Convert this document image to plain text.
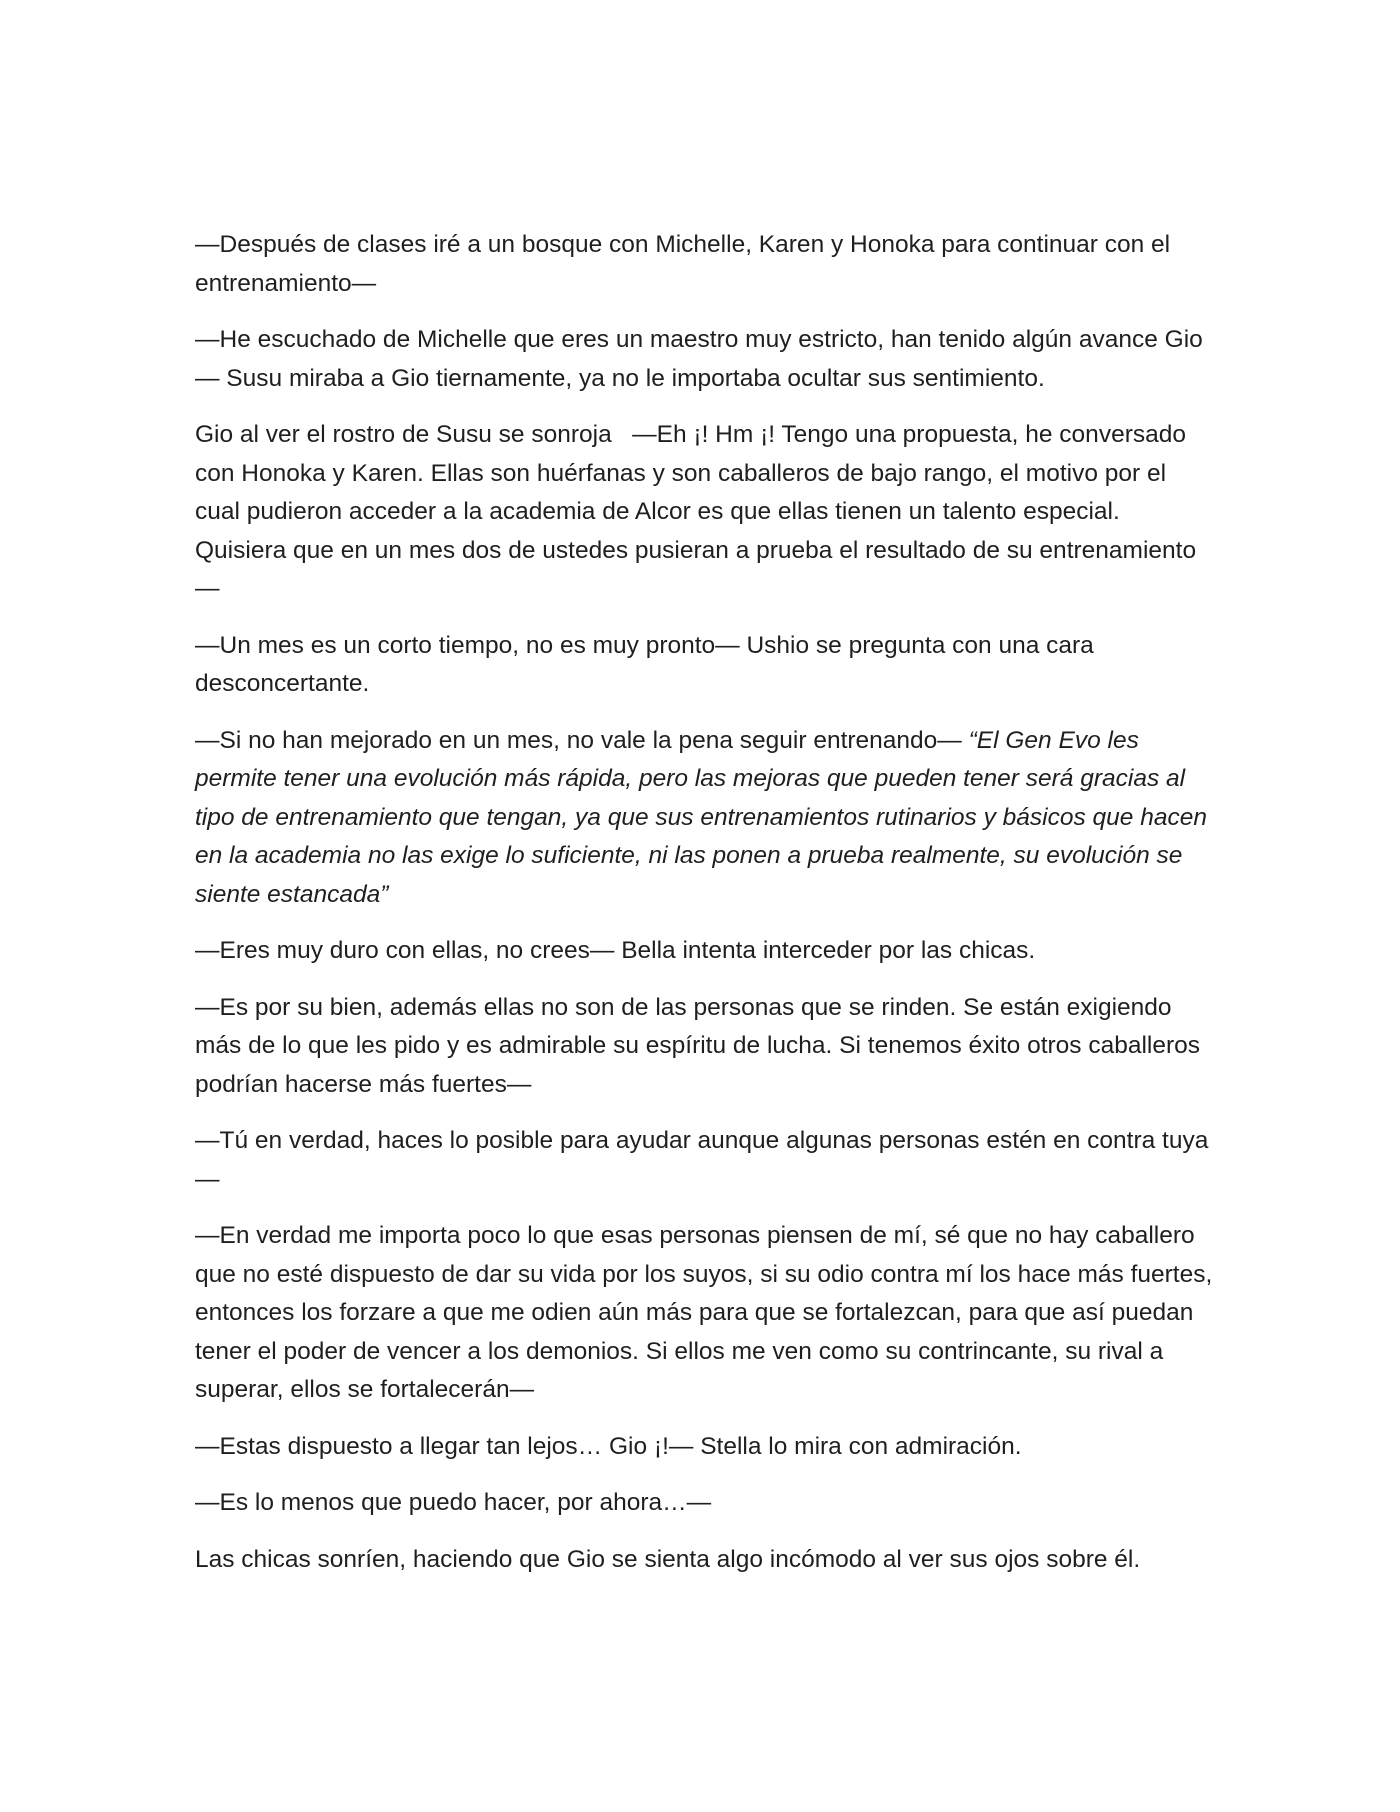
—Después de clases iré a un bosque con Michelle, Karen y Honoka para continuar con el entrenamiento—

—He escuchado de Michelle que eres un maestro muy estricto, han tenido algún avance Gio— Susu miraba a Gio tiernamente, ya no le importaba ocultar sus sentimiento.

Gio al ver el rostro de Susu se sonroja —Eh ¡! Hm ¡! Tengo una propuesta, he conversado con Honoka y Karen. Ellas son huérfanas y son caballeros de bajo rango, el motivo por el cual pudieron acceder a la academia de Alcor es que ellas tienen un talento especial. Quisiera que en un mes dos de ustedes pusieran a prueba el resultado de su entrenamiento—

—Un mes es un corto tiempo, no es muy pronto— Ushio se pregunta con una cara desconcertante.

—Si no han mejorado en un mes, no vale la pena seguir entrenando— “El Gen Evo les permite tener una evolución más rápida, pero las mejoras que pueden tener será gracias al tipo de entrenamiento que tengan, ya que sus entrenamientos rutinarios y básicos que hacen en la academia no las exige lo suficiente, ni las ponen a prueba realmente, su evolución se siente estancada”

—Eres muy duro con ellas, no crees— Bella intenta interceder por las chicas.

—Es por su bien, además ellas no son de las personas que se rinden. Se están exigiendo más de lo que les pido y es admirable su espíritu de lucha. Si tenemos éxito otros caballeros podrían hacerse más fuertes—

—Tú en verdad, haces lo posible para ayudar aunque algunas personas estén en contra tuya—

—En verdad me importa poco lo que esas personas piensen de mí, sé que no hay caballero que no esté dispuesto de dar su vida por los suyos, si su odio contra mí los hace más fuertes, entonces los forzare a que me odien aún más para que se fortalezcan, para que así puedan tener el poder de vencer a los demonios. Si ellos me ven como su contrincante, su rival a superar, ellos se fortalecerán—

—Estas dispuesto a llegar tan lejos… Gio ¡!— Stella lo mira con admiración.

—Es lo menos que puedo hacer, por ahora…—

Las chicas sonríen, haciendo que Gio se sienta algo incómodo al ver sus ojos sobre él.
